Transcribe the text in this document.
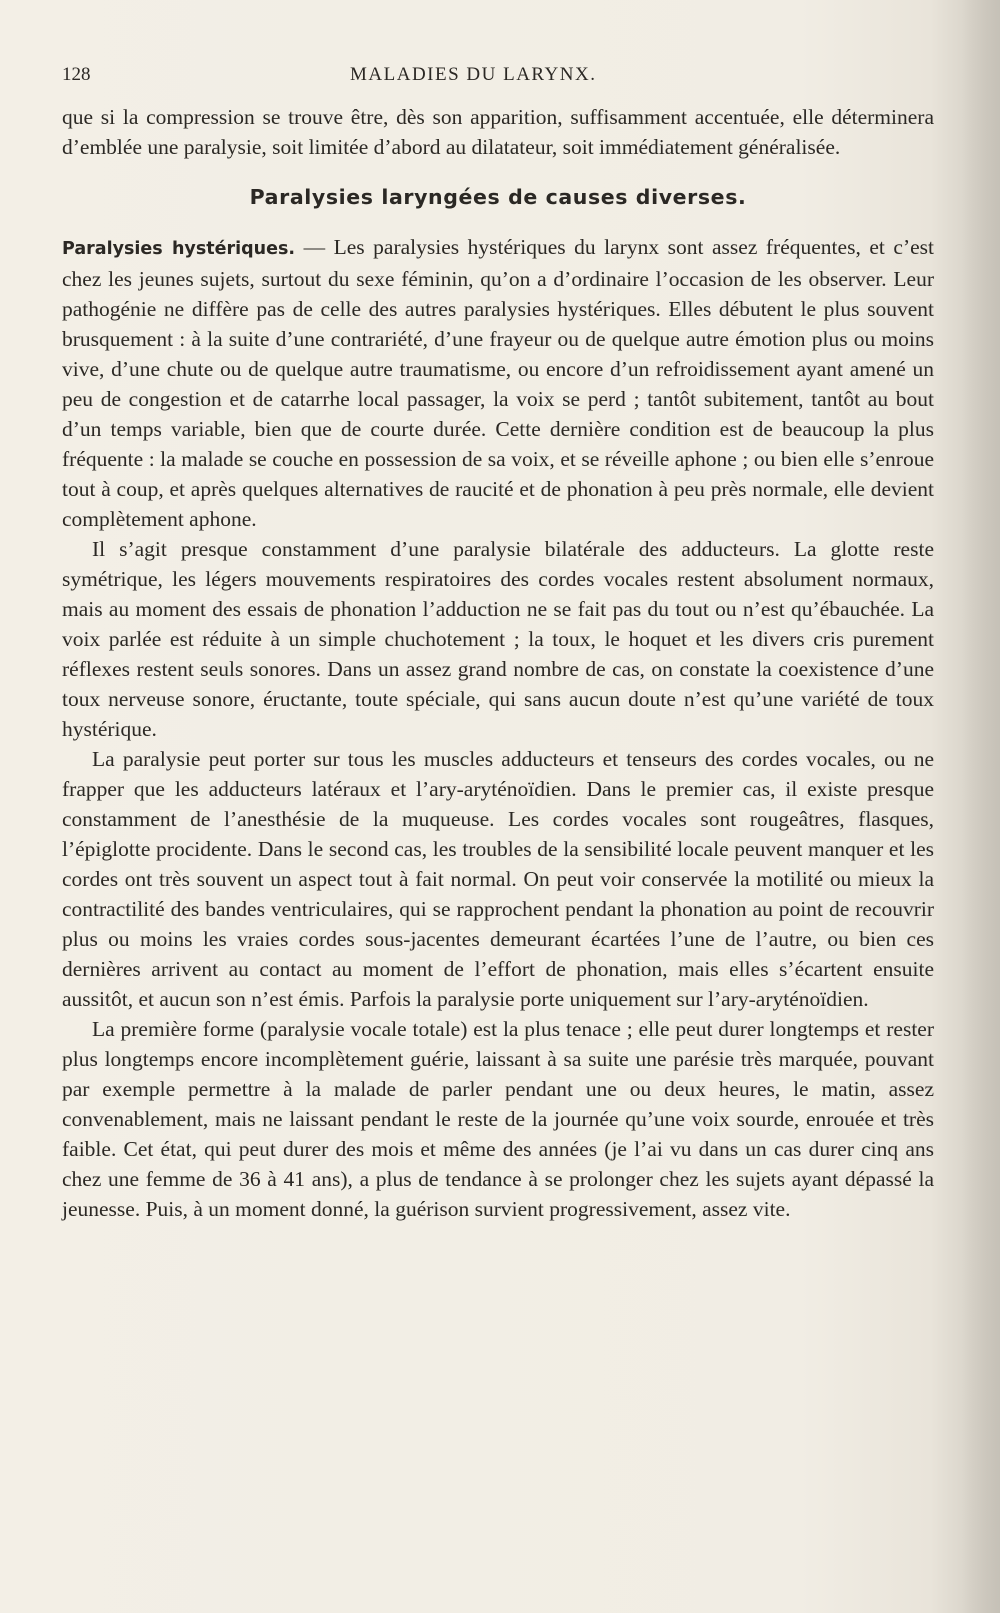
128	MALADIES DU LARYNX.

que si la compression se trouve être, dès son apparition, suffisamment accentuée, elle déterminera d’emblée une paralysie, soit limitée d’abord au dilatateur, soit immédiatement généralisée.

Paralysies laryngées de causes diverses.

Paralysies hystériques. — Les paralysies hystériques du larynx sont assez fréquentes, et c’est chez les jeunes sujets, surtout du sexe féminin, qu’on a d’ordinaire l’occasion de les observer. Leur pathogénie ne diffère pas de celle des autres paralysies hystériques. Elles débutent le plus souvent brusquement : à la suite d’une contrariété, d’une frayeur ou de quelque autre émotion plus ou moins vive, d’une chute ou de quelque autre traumatisme, ou encore d’un refroidissement ayant amené un peu de congestion et de catarrhe local passager, la voix se perd ; tantôt subitement, tantôt au bout d’un temps variable, bien que de courte durée. Cette dernière condition est de beaucoup la plus fréquente : la malade se couche en possession de sa voix, et se réveille aphone ; ou bien elle s’enroue tout à coup, et après quelques alternatives de raucité et de phonation à peu près normale, elle devient complètement aphone.

Il s’agit presque constamment d’une paralysie bilatérale des adducteurs. La glotte reste symétrique, les légers mouvements respiratoires des cordes vocales restent absolument normaux, mais au moment des essais de phonation l’adduction ne se fait pas du tout ou n’est qu’ébauchée. La voix parlée est réduite à un simple chuchotement ; la toux, le hoquet et les divers cris purement réflexes restent seuls sonores. Dans un assez grand nombre de cas, on constate la coexistence d’une toux nerveuse sonore, éructante, toute spéciale, qui sans aucun doute n’est qu’une variété de toux hystérique.

La paralysie peut porter sur tous les muscles adducteurs et tenseurs des cordes vocales, ou ne frapper que les adducteurs latéraux et l’ary-aryténoïdien. Dans le premier cas, il existe presque constamment de l’anesthésie de la muqueuse. Les cordes vocales sont rougeâtres, flasques, l’épiglotte procidente. Dans le second cas, les troubles de la sensibilité locale peuvent manquer et les cordes ont très souvent un aspect tout à fait normal. On peut voir conservée la motilité ou mieux la contractilité des bandes ventriculaires, qui se rapprochent pendant la phonation au point de recouvrir plus ou moins les vraies cordes sous-jacentes demeurant écartées l’une de l’autre, ou bien ces dernières arrivent au contact au moment de l’effort de phonation, mais elles s’écartent ensuite aussitôt, et aucun son n’est émis. Parfois la paralysie porte uniquement sur l’ary-aryténoïdien.

La première forme (paralysie vocale totale) est la plus tenace ; elle peut durer longtemps et rester plus longtemps encore incomplètement guérie, laissant à sa suite une parésie très marquée, pouvant par exemple permettre à la malade de parler pendant une ou deux heures, le matin, assez convenablement, mais ne laissant pendant le reste de la journée qu’une voix sourde, enrouée et très faible. Cet état, qui peut durer des mois et même des années (je l’ai vu dans un cas durer cinq ans chez une femme de 36 à 41 ans), a plus de tendance à se prolonger chez les sujets ayant dépassé la jeunesse. Puis, à un moment donné, la guérison survient progressivement, assez vite.
